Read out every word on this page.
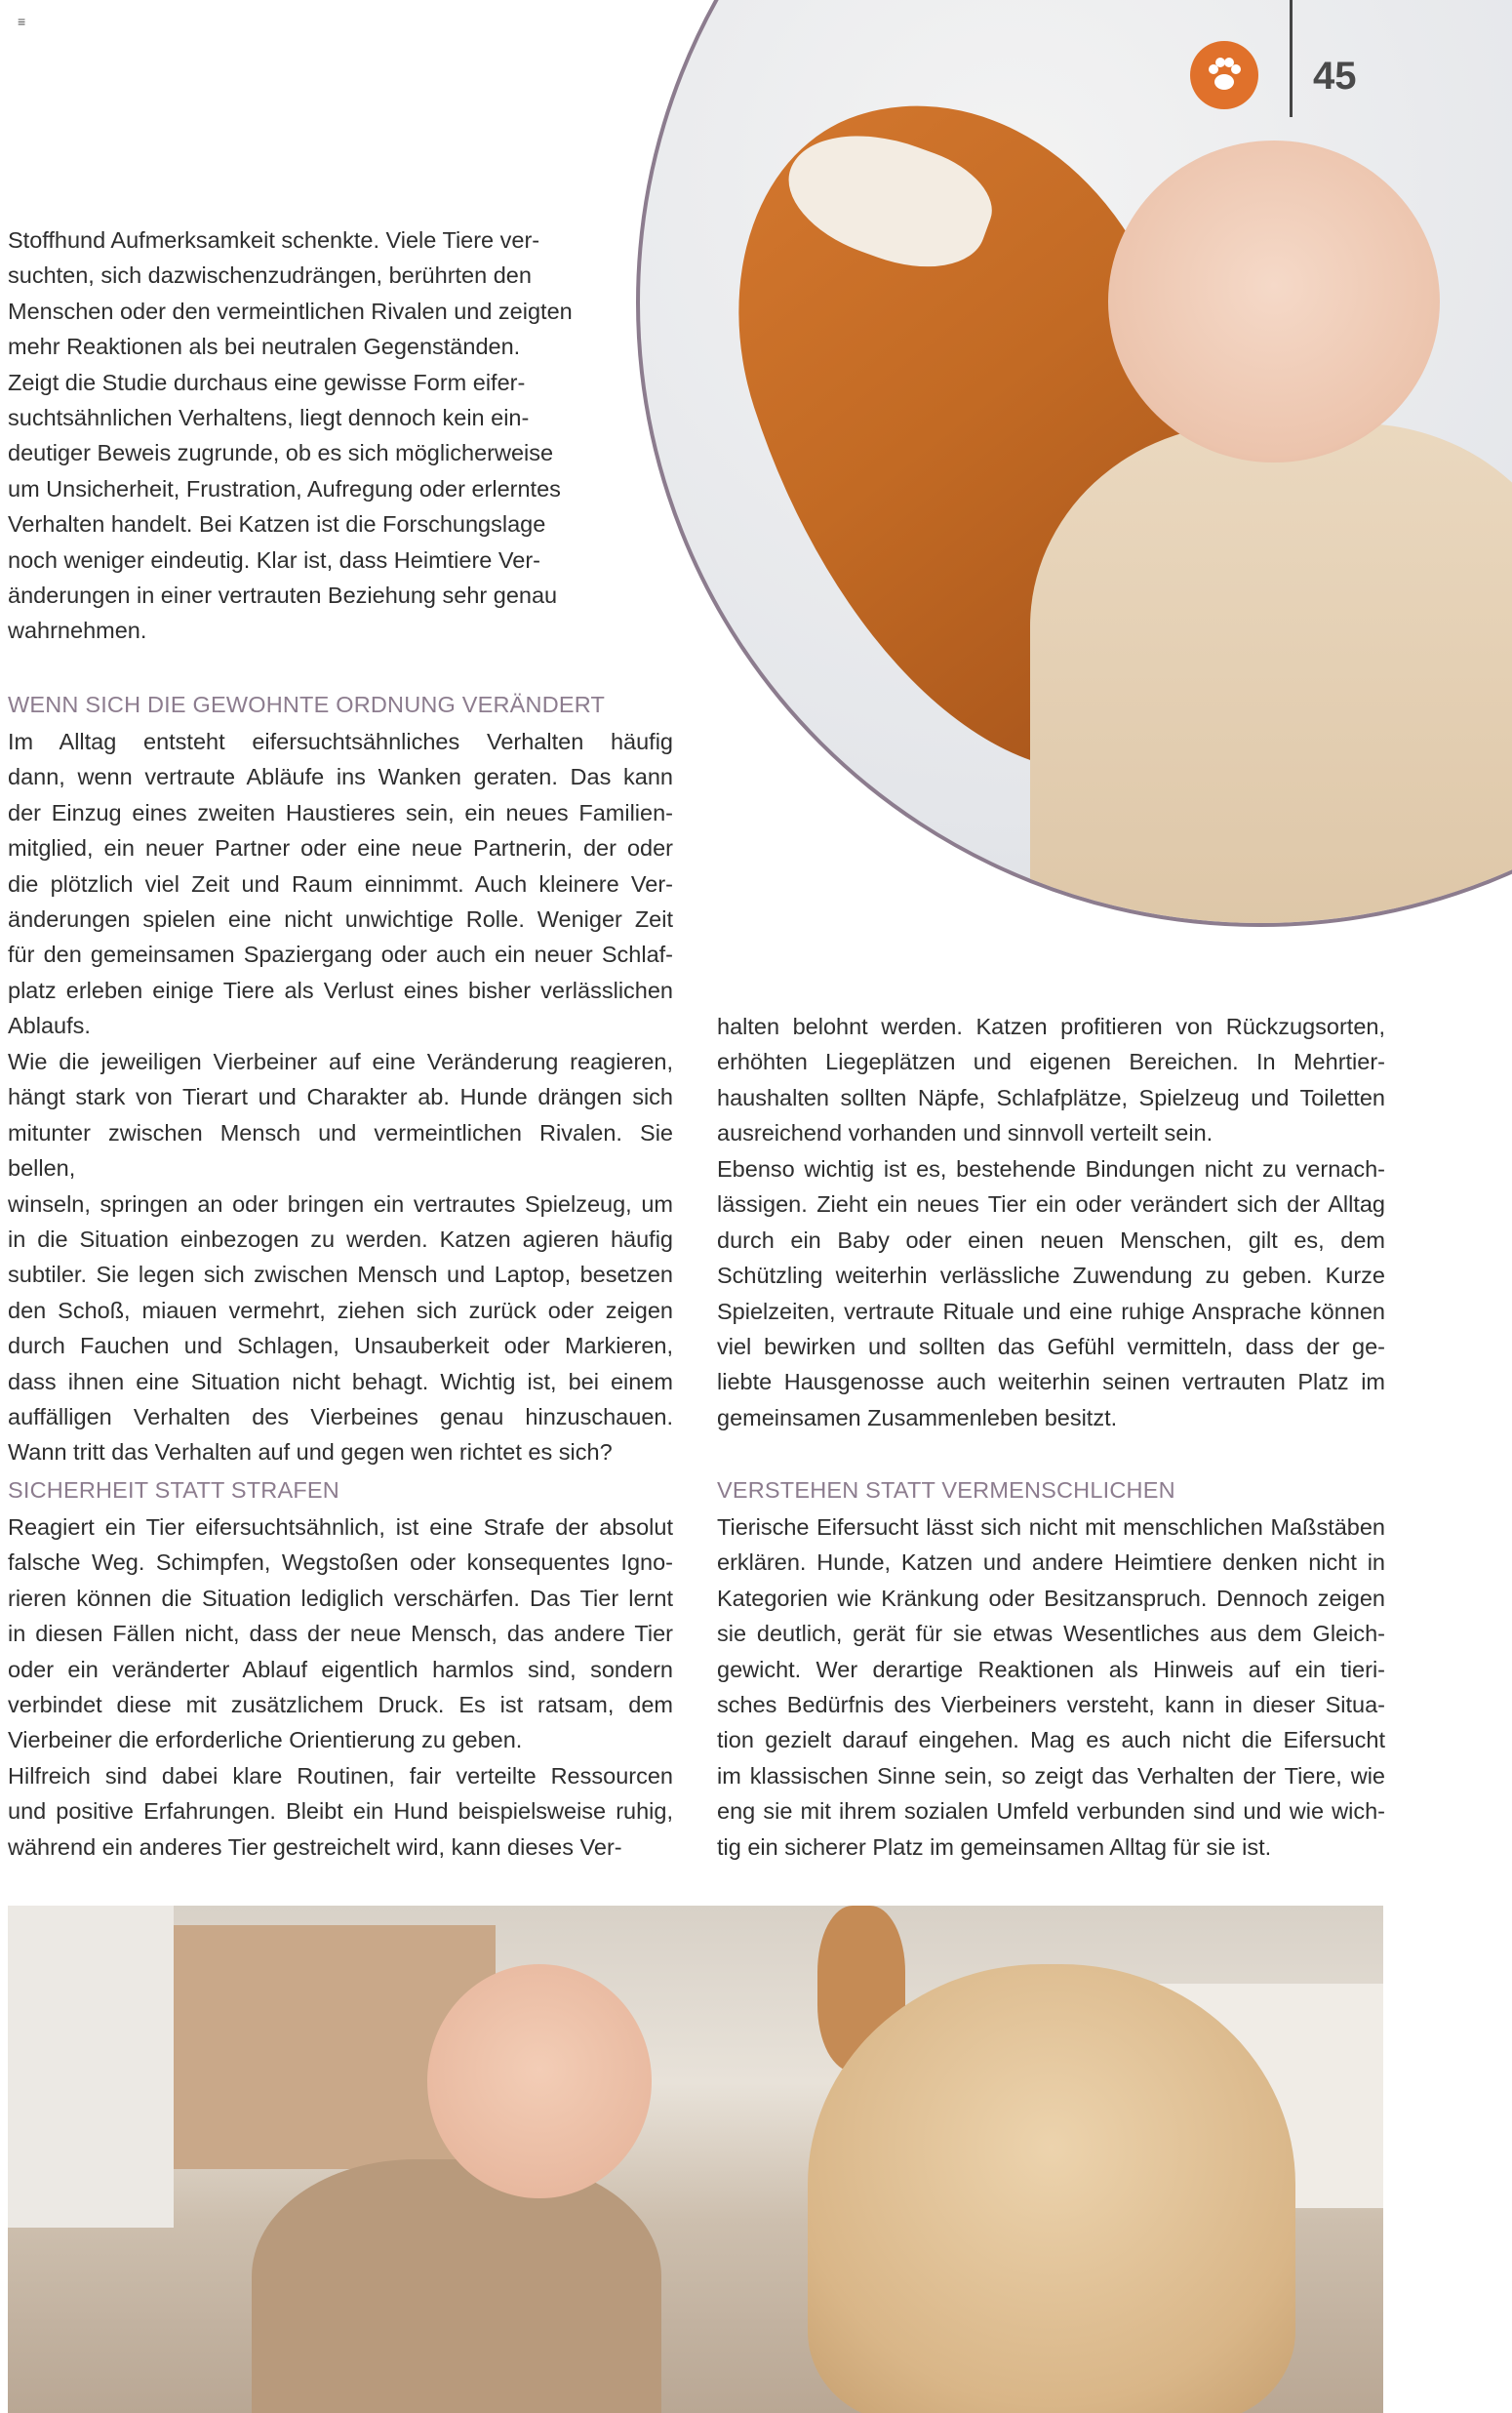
≡
45
Stoffhund Aufmerksamkeit schenkte. Viele Tiere ver-
suchten, sich dazwischenzudrängen, berührten den
Menschen oder den vermeintlichen Rivalen und zeigten
mehr Reaktionen als bei neutralen Gegenständen.
Zeigt die Studie durchaus eine gewisse Form eifer-
suchtsähnlichen Verhaltens, liegt dennoch kein ein-
deutiger Beweis zugrunde, ob es sich möglicherweise
um Unsicherheit, Frustration, Aufregung oder erlerntes
Verhalten handelt. Bei Katzen ist die Forschungslage
noch weniger eindeutig. Klar ist, dass Heimtiere Ver-
änderungen in einer vertrauten Beziehung sehr genau
wahrnehmen.
WENN SICH DIE GEWOHNTE ORDNUNG VERÄNDERT
Im Alltag entsteht eifersuchtsähnliches Verhalten häufig
dann, wenn vertraute Abläufe ins Wanken geraten. Das kann
der Einzug eines zweiten Haustieres sein, ein neues Familien-
mitglied, ein neuer Partner oder eine neue Partnerin, der oder
die plötzlich viel Zeit und Raum einnimmt. Auch kleinere Ver-
änderungen spielen eine nicht unwichtige Rolle. Weniger Zeit
für den gemeinsamen Spaziergang oder auch ein neuer Schlaf-
platz erleben einige Tiere als Verlust eines bisher verlässlichen
Ablaufs.
Wie die jeweiligen Vierbeiner auf eine Veränderung reagieren,
hängt stark von Tierart und Charakter ab. Hunde drängen sich
mitunter zwischen Mensch und vermeintlichen Rivalen. Sie bellen,
winseln, springen an oder bringen ein vertrautes Spielzeug, um
in die Situation einbezogen zu werden. Katzen agieren häufig
subtiler. Sie legen sich zwischen Mensch und Laptop, besetzen
den Schoß, miauen vermehrt, ziehen sich zurück oder zeigen
durch Fauchen und Schlagen, Unsauberkeit oder Markieren,
dass ihnen eine Situation nicht behagt. Wichtig ist, bei einem
auffälligen Verhalten des Vierbeines genau hinzuschauen.
Wann tritt das Verhalten auf und gegen wen richtet es sich?
SICHERHEIT STATT STRAFEN
Reagiert ein Tier eifersuchtsähnlich, ist eine Strafe der absolut
falsche Weg. Schimpfen, Wegstoßen oder konsequentes Igno-
rieren können die Situation lediglich verschärfen. Das Tier lernt
in diesen Fällen nicht, dass der neue Mensch, das andere Tier
oder ein veränderter Ablauf eigentlich harmlos sind, sondern
verbindet diese mit zusätzlichem Druck. Es ist ratsam, dem
Vierbeiner die erforderliche Orientierung zu geben.
Hilfreich sind dabei klare Routinen, fair verteilte Ressourcen
und positive Erfahrungen. Bleibt ein Hund beispielsweise ruhig,
während ein anderes Tier gestreichelt wird, kann dieses Ver-
halten belohnt werden. Katzen profitieren von Rückzugsorten,
erhöhten Liegeplätzen und eigenen Bereichen. In Mehrtier-
haushalten sollten Näpfe, Schlafplätze, Spielzeug und Toiletten
ausreichend vorhanden und sinnvoll verteilt sein.
Ebenso wichtig ist es, bestehende Bindungen nicht zu vernach-
lässigen. Zieht ein neues Tier ein oder verändert sich der Alltag
durch ein Baby oder einen neuen Menschen, gilt es, dem
Schützling weiterhin verlässliche Zuwendung zu geben. Kurze
Spielzeiten, vertraute Rituale und eine ruhige Ansprache können
viel bewirken und sollten das Gefühl vermitteln, dass der ge-
liebte Hausgenosse auch weiterhin seinen vertrauten Platz im
gemeinsamen Zusammenleben besitzt.
VERSTEHEN STATT VERMENSCHLICHEN
Tierische Eifersucht lässt sich nicht mit menschlichen Maßstäben
erklären. Hunde, Katzen und andere Heimtiere denken nicht in
Kategorien wie Kränkung oder Besitzanspruch. Dennoch zeigen
sie deutlich, gerät für sie etwas Wesentliches aus dem Gleich-
gewicht. Wer derartige Reaktionen als Hinweis auf ein tieri-
sches Bedürfnis des Vierbeiners versteht, kann in dieser Situa-
tion gezielt darauf eingehen. Mag es auch nicht die Eifersucht
im klassischen Sinne sein, so zeigt das Verhalten der Tiere, wie
eng sie mit ihrem sozialen Umfeld verbunden sind und wie wich-
tig ein sicherer Platz im gemeinsamen Alltag für sie ist.
